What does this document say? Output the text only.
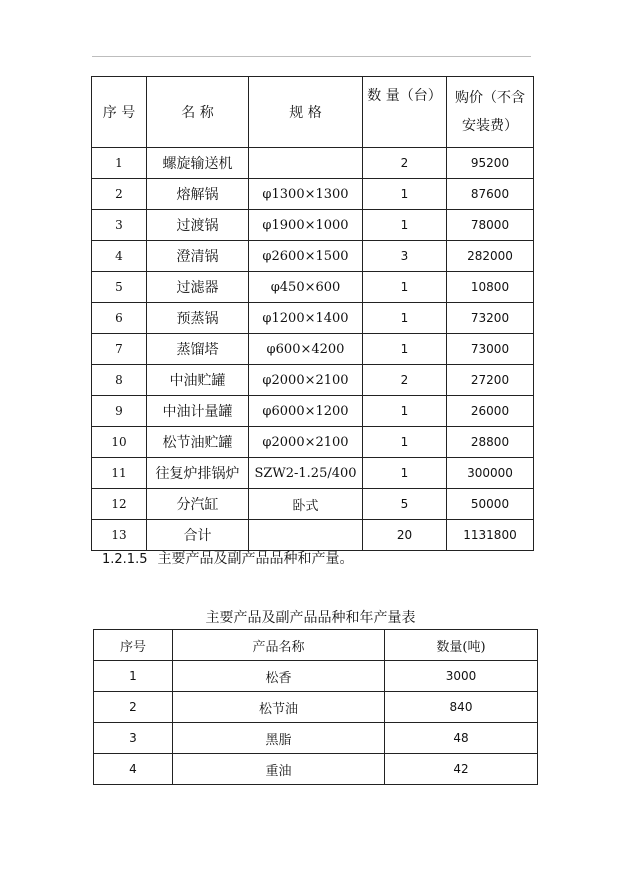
序 号	名 称	规 格	数 量（台）	购价（不含
安装费）

1	螺旋输送机		2	95200
2	熔解锅	φ1300×1300	1	87600
3	过渡锅	φ1900×1000	1	78000
4	澄清锅	φ2600×1500	3	282000
5	过滤器	φ450×600	1	10800
6	预蒸锅	φ1200×1400	1	73200
7	蒸馏塔	φ600×4200	1	73000
8	中油贮罐	φ2000×2100	2	27200
9	中油计量罐	φ6000×1200	1	26000
10	松节油贮罐	φ2000×2100	1	28800
11	往复炉排锅炉	SZW2-1.25/400	1	300000
12	分汽缸	卧式	5	50000
13	合计		20	1131800
1.2.1.5 主要产品及副产品品种和产量。
主要产品及副产品品种和年产量表
序号	产品名称	数量(吨)
1	松香	3000
2	松节油	840
3	黑脂	48
4	重油	42
